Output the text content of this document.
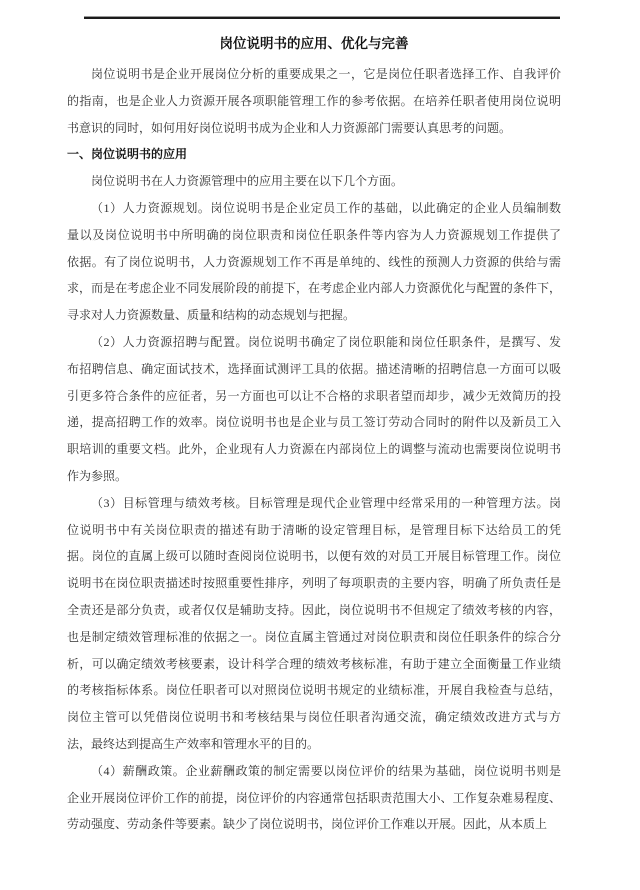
岗位说明书的应用、优化与完善
岗位说明书是企业开展岗位分析的重要成果之一，它是岗位任职者选择工作、自我评价
的指南，也是企业人力资源开展各项职能管理工作的参考依据。在培养任职者使用岗位说明
书意识的同时，如何用好岗位说明书成为企业和人力资源部门需要认真思考的问题。
一、岗位说明书的应用
岗位说明书在人力资源管理中的应用主要在以下几个方面。
（1）人力资源规划。岗位说明书是企业定员工作的基础，以此确定的企业人员编制数
量以及岗位说明书中所明确的岗位职责和岗位任职条件等内容为人力资源规划工作提供了
依据。有了岗位说明书，人力资源规划工作不再是单纯的、线性的预测人力资源的供给与需
求，而是在考虑企业不同发展阶段的前提下，在考虑企业内部人力资源优化与配置的条件下，
寻求对人力资源数量、质量和结构的动态规划与把握。
（2）人力资源招聘与配置。岗位说明书确定了岗位职能和岗位任职条件，是撰写、发
布招聘信息、确定面试技术，选择面试测评工具的依据。描述清晰的招聘信息一方面可以吸
引更多符合条件的应征者，另一方面也可以让不合格的求职者望而却步，减少无效简历的投
递，提高招聘工作的效率。岗位说明书也是企业与员工签订劳动合同时的附件以及新员工入
职培训的重要文档。此外，企业现有人力资源在内部岗位上的调整与流动也需要岗位说明书
作为参照。
（3）目标管理与绩效考核。目标管理是现代企业管理中经常采用的一种管理方法。岗
位说明书中有关岗位职责的描述有助于清晰的设定管理目标，是管理目标下达给员工的凭
据。岗位的直属上级可以随时查阅岗位说明书，以便有效的对员工开展目标管理工作。岗位
说明书在岗位职责描述时按照重要性排序，列明了每项职责的主要内容，明确了所负责任是
全责还是部分负责，或者仅仅是辅助支持。因此，岗位说明书不但规定了绩效考核的内容，
也是制定绩效管理标准的依据之一。岗位直属主管通过对岗位职责和岗位任职条件的综合分
析，可以确定绩效考核要素，设计科学合理的绩效考核标准，有助于建立全面衡量工作业绩
的考核指标体系。岗位任职者可以对照岗位说明书规定的业绩标准，开展自我检查与总结，
岗位主管可以凭借岗位说明书和考核结果与岗位任职者沟通交流，确定绩效改进方式与方
法，最终达到提高生产效率和管理水平的目的。
（4）薪酬政策。企业薪酬政策的制定需要以岗位评价的结果为基础，岗位说明书则是
企业开展岗位评价工作的前提，岗位评价的内容通常包括职责范围大小、工作复杂难易程度、
劳动强度、劳动条件等要素。缺少了岗位说明书，岗位评价工作难以开展。因此，从本质上
